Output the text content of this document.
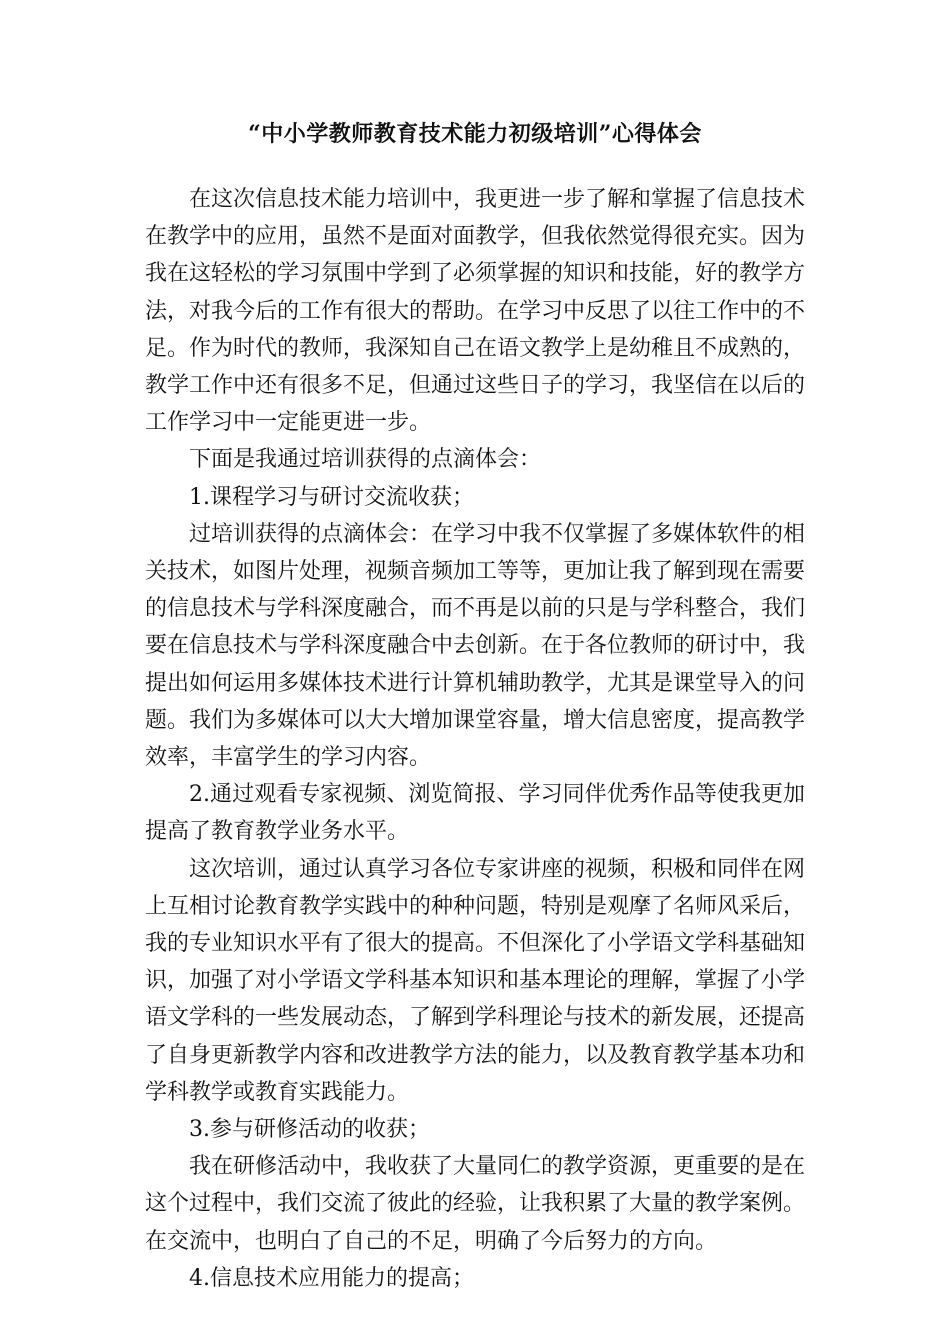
“中小学教师教育技术能力初级培训”心得体会

在这次信息技术能力培训中，我更进一步了解和掌握了信息技术在教学中的应用，虽然不是面对面教学，但我依然觉得很充实。因为我在这轻松的学习氛围中学到了必须掌握的知识和技能，好的教学方法，对我今后的工作有很大的帮助。在学习中反思了以往工作中的不足。作为时代的教师，我深知自己在语文教学上是幼稚且不成熟的，教学工作中还有很多不足，但通过这些日子的学习，我坚信在以后的工作学习中一定能更进一步。

下面是我通过培训获得的点滴体会：

1.课程学习与研讨交流收获；

过培训获得的点滴体会：在学习中我不仅掌握了多媒体软件的相关技术，如图片处理，视频音频加工等等，更加让我了解到现在需要的信息技术与学科深度融合，而不再是以前的只是与学科整合，我们要在信息技术与学科深度融合中去创新。在于各位教师的研讨中，我提出如何运用多媒体技术进行计算机辅助教学，尤其是课堂导入的问题。我们为多媒体可以大大增加课堂容量，增大信息密度，提高教学效率，丰富学生的学习内容。

2.通过观看专家视频、浏览简报、学习同伴优秀作品等使我更加提高了教育教学业务水平。

这次培训，通过认真学习各位专家讲座的视频，积极和同伴在网上互相讨论教育教学实践中的种种问题，特别是观摩了名师风采后，我的专业知识水平有了很大的提高。不但深化了小学语文学科基础知识，加强了对小学语文学科基本知识和基本理论的理解，掌握了小学语文学科的一些发展动态，了解到学科理论与技术的新发展，还提高了自身更新教学内容和改进教学方法的能力，以及教育教学基本功和学科教学或教育实践能力。

3.参与研修活动的收获；

我在研修活动中，我收获了大量同仁的教学资源，更重要的是在这个过程中，我们交流了彼此的经验，让我积累了大量的教学案例。在交流中，也明白了自己的不足，明确了今后努力的方向。

4.信息技术应用能力的提高；
